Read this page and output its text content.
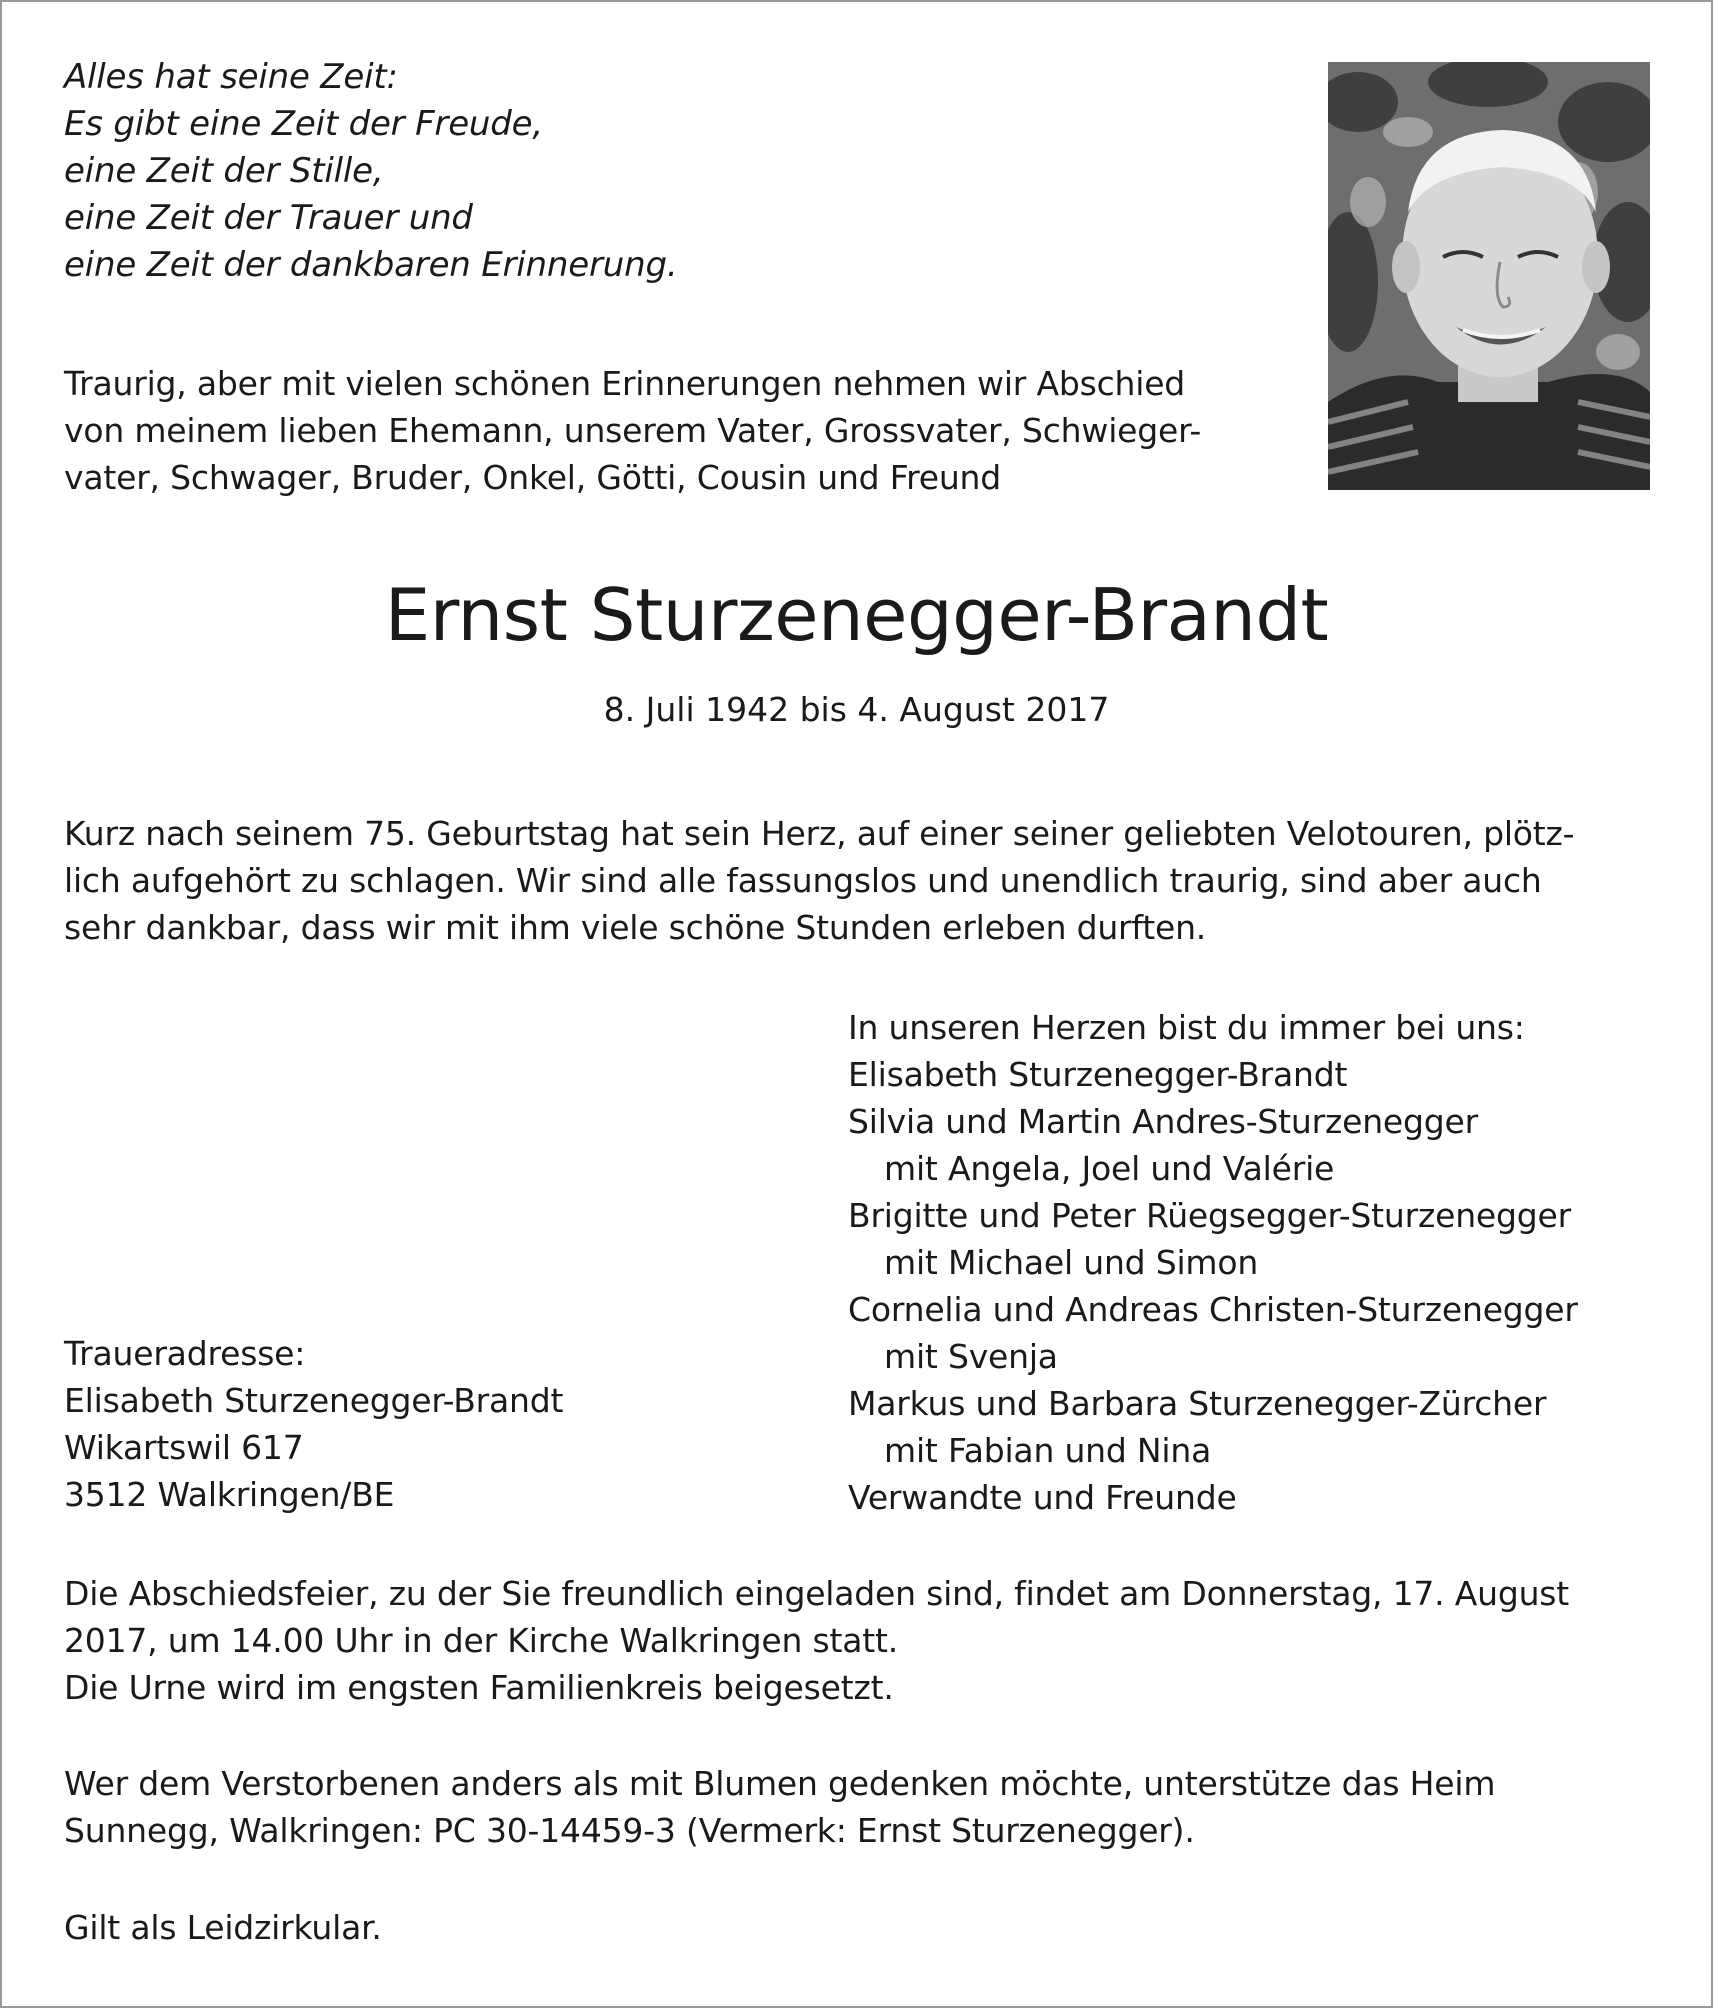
Alles hat seine Zeit:
Es gibt eine Zeit der Freude,
eine Zeit der Stille,
eine Zeit der Trauer und
eine Zeit der dankbaren Erinnerung.
Traurig, aber mit vielen schönen Erinnerungen nehmen wir Abschied
von meinem lieben Ehemann, unserem Vater, Grossvater, Schwieger-
vater, Schwager, Bruder, Onkel, Götti, Cousin und Freund
Ernst Sturzenegger-Brandt
8. Juli 1942 bis 4. August 2017
Kurz nach seinem 75. Geburtstag hat sein Herz, auf einer seiner geliebten Velotouren, plötz-
lich aufgehört zu schlagen. Wir sind alle fassungslos und unendlich traurig, sind aber auch
sehr dankbar, dass wir mit ihm viele schöne Stunden erleben durften.
In unseren Herzen bist du immer bei uns:
Elisabeth Sturzenegger-Brandt
Silvia und Martin Andres-Sturzenegger
mit Angela, Joel und Valérie
Brigitte und Peter Rüegsegger-Sturzenegger
mit Michael und Simon
Cornelia und Andreas Christen-Sturzenegger
mit Svenja
Markus und Barbara Sturzenegger-Zürcher
mit Fabian und Nina
Verwandte und Freunde
Traueradresse:
Elisabeth Sturzenegger-Brandt
Wikartswil 617
3512 Walkringen/BE
Die Abschiedsfeier, zu der Sie freundlich eingeladen sind, findet am Donnerstag, 17. August
2017, um 14.00 Uhr in der Kirche Walkringen statt.
Die Urne wird im engsten Familienkreis beigesetzt.
Wer dem Verstorbenen anders als mit Blumen gedenken möchte, unterstütze das Heim
Sunnegg, Walkringen: PC 30-14459-3 (Vermerk: Ernst Sturzenegger).
Gilt als Leidzirkular.
